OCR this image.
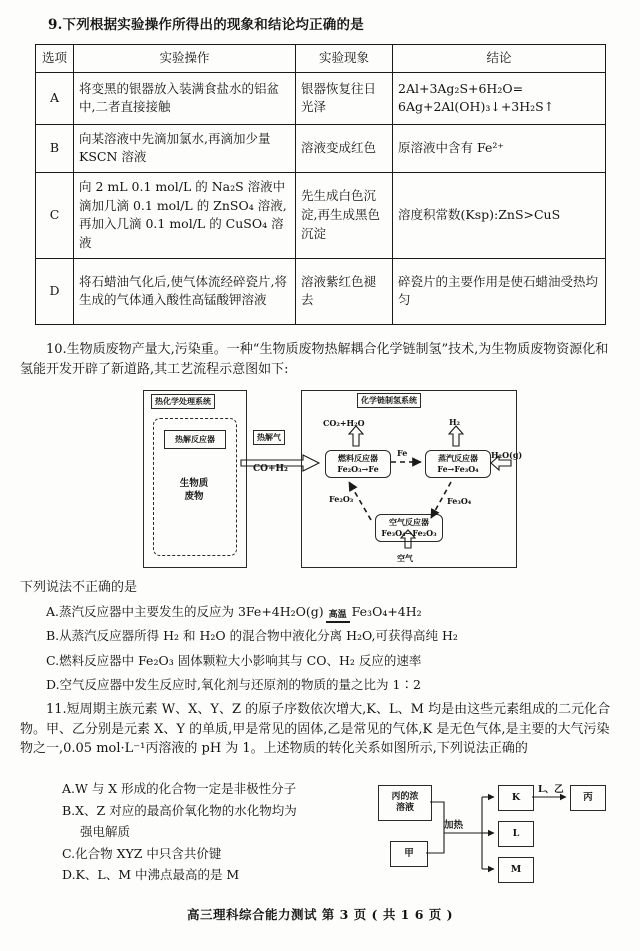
9.下列根据实验操作所得出的现象和结论均正确的是
选项	实验操作	实验现象	结论
A	将变黑的银器放入装满食盐水的铝盆中,二者直接接触	银器恢复往日光泽	2Al+3Ag₂S+6H₂O=
6Ag+2Al(OH)₃↓+3H₂S↑
B	向某溶液中先滴加氯水,再滴加少量 KSCN 溶液	溶液变成红色	原溶液中含有 Fe²⁺
C	向 2 mL 0.1 mol/L 的 Na₂S 溶液中滴加几滴 0.1 mol/L 的 ZnSO₄ 溶液,再加入几滴 0.1 mol/L 的 CuSO₄ 溶液	先生成白色沉淀,再生成黑色沉淀	溶度积常数(Ksp):ZnS>CuS
D	将石蜡油气化后,使气体流经碎瓷片,将生成的气体通入酸性高锰酸钾溶液	溶液紫红色褪去	碎瓷片的主要作用是使石蜡油受热均匀
10.生物质废物产量大,污染重。一种“生物质废物热解耦合化学链制氢”技术,为生物质废物资源化和氢能开发开辟了新道路,其工艺流程示意图如下:
热化学处理系统	化学链制氢系统
热解反应器
生物质
废物
热解气
CO+H₂
燃料反应器
Fe₂O₃→Fe
蒸汽反应器
Fe→Fe₃O₄
空气反应器
Fe₃O₄→Fe₂O₃
CO₂+H₂O	H₂
H₂O(g)
Fe
Fe₂O₃	Fe₃O₄
空气
下列说法不正确的是
A.蒸汽反应器中主要发生的反应为 3Fe+4H₂O(g) 高温 Fe₃O₄+4H₂
B.从蒸汽反应器所得 H₂ 和 H₂O 的混合物中液化分离 H₂O,可获得高纯 H₂
C.燃料反应器中 Fe₂O₃ 固体颗粒大小影响其与 CO、H₂ 反应的速率
D.空气反应器中发生反应时,氧化剂与还原剂的物质的量之比为 1∶2
11.短周期主族元素 W、X、Y、Z 的原子序数依次增大,K、L、M 均是由这些元素组成的二元化合物。甲、乙分别是元素 X、Y 的单质,甲是常见的固体,乙是常见的气体,K 是无色气体,是主要的大气污染物之一,0.05 mol·L⁻¹丙溶液的 pH 为 1。上述物质的转化关系如图所示,下列说法正确的
A.W 与 X 形成的化合物一定是非极性分子
B.X、Z 对应的最高价氧化物的水化物均为
强电解质
C.化合物 XYZ 中只含共价键
D.K、L、M 中沸点最高的是 M
丙的浓
溶液
甲
K
L
M
丙
加热
L、乙
高三理科综合能力测试 第 3 页 ( 共 1 6 页 )
